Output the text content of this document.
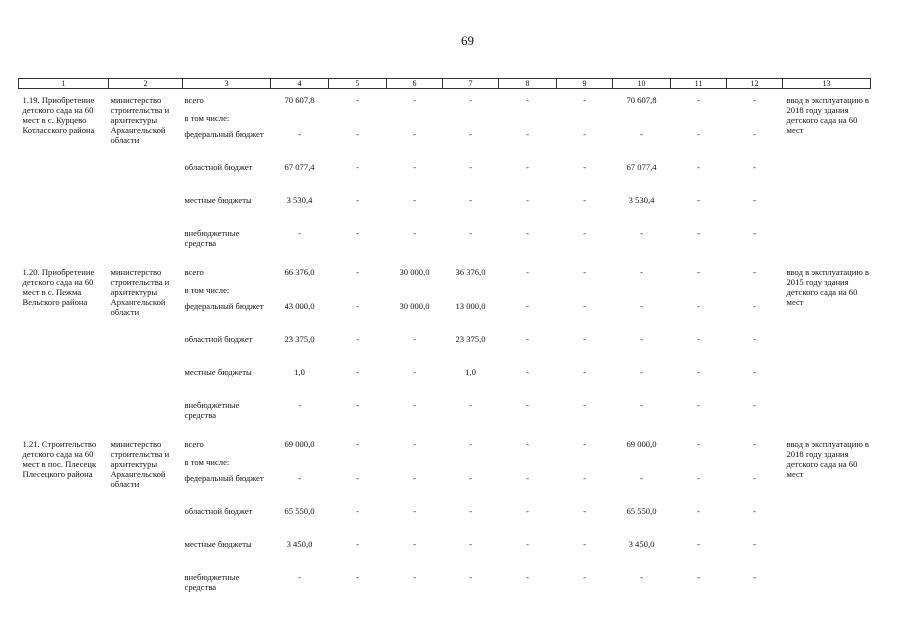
69
1	2	3	4	5	6	7	8	9	10	11	12	13

1.19. Приобретение детского сада на 60 мест в с. Курцево Котласского района	министерство строительства и архитектуры Архангельской области	всего	70 607,8	-	-	-	-	-	70 607,8	-	-	ввод в эксплуатацию в 2018 году здания детского сада на 60 мест
		в том числе:										
		федеральный бюджет	-	-	-	-	-	-	-	-	-	
		областной бюджет	67 077,4	-	-	-	-	-	67 077,4	-	-	
		местные бюджеты	3 530,4	-	-	-	-	-	3 530,4	-	-	
		внебюджетные средства	-	-	-	-	-	-	-	-	-	

1.20. Приобретение детского сада на 60 мест в с. Пежма Вельского района	министерство строительства и архитектуры Архангельской области	всего	66 376,0	-	30 000,0	36 376,0	-	-	-	-	-	ввод в эксплуатацию в 2015 году здания детского сада на 60 мест
		в том числе:										
		федеральный бюджет	43 000,0	-	30 000,0	13 000,0	-	-	-	-	-	
		областной бюджет	23 375,0	-	-	23 375,0	-	-	-	-	-	
		местные бюджеты	1,0	-	-	1,0	-	-	-	-	-	
		внебюджетные средства	-	-	-	-	-	-	-	-	-	

1.21. Строительство детского сада на 60 мест в пос. Плесецк Плесецкого района	министерство строительства и архитектуры Архангельской области	всего	69 000,0	-	-	-	-	-	69 000,0	-	-	ввод в эксплуатацию в 2018 году здания детского сада на 60 мест
		в том числе:										
		федеральный бюджет	-	-	-	-	-	-	-	-	-	
		областной бюджет	65 550,0	-	-	-	-	-	65 550,0	-	-	
		местные бюджеты	3 450,0	-	-	-	-	-	3 450,0	-	-	
		внебюджетные средства	-	-	-	-	-	-	-	-	-	
